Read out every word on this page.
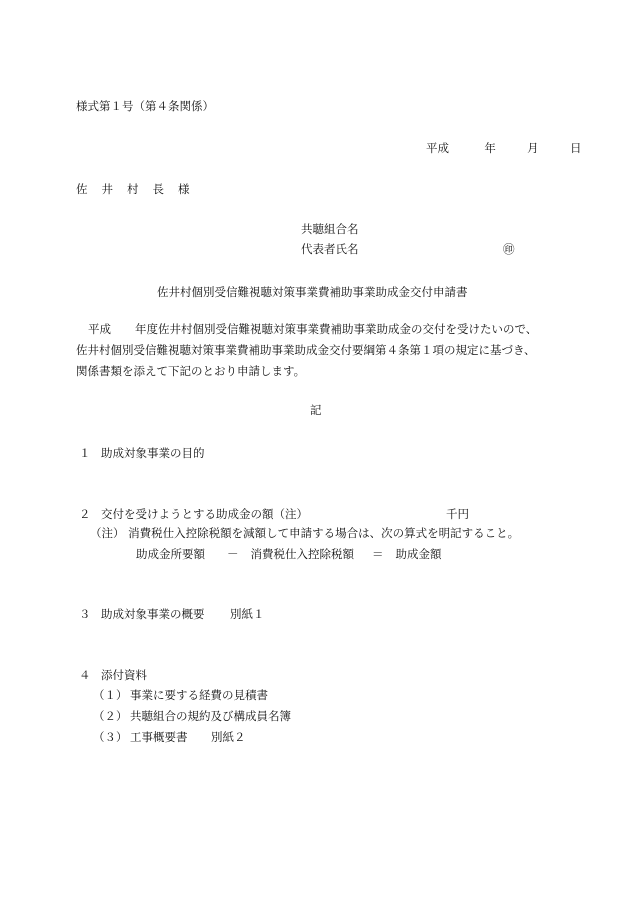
様式第１号（第４条関係）
平成	年	月	日
佐 井 村 長 様
共聴組合名
代表者氏名	㊞
佐井村個別受信難視聴対策事業費補助事業助成金交付申請書
平成 年度佐井村個別受信難視聴対策事業費補助事業助成金の交付を受けたいので、
佐井村個別受信難視聴対策事業費補助事業助成金交付要綱第４条第１項の規定に基づき、
関係書類を添えて下記のとおり申請します。
記
１ 助成対象事業の目的
２ 交付を受けようとする助成金の額（注）	千円
（注） 消費税仕入控除税額を減額して申請する場合は、次の算式を明記すること。
助成金所要額 － 消費税仕入控除税額 ＝ 助成金額
３ 助成対象事業の概要 別紙１
４ 添付資料
（１） 事業に要する経費の見積書
（２） 共聴組合の規約及び構成員名簿
（３） 工事概要書 別紙２
